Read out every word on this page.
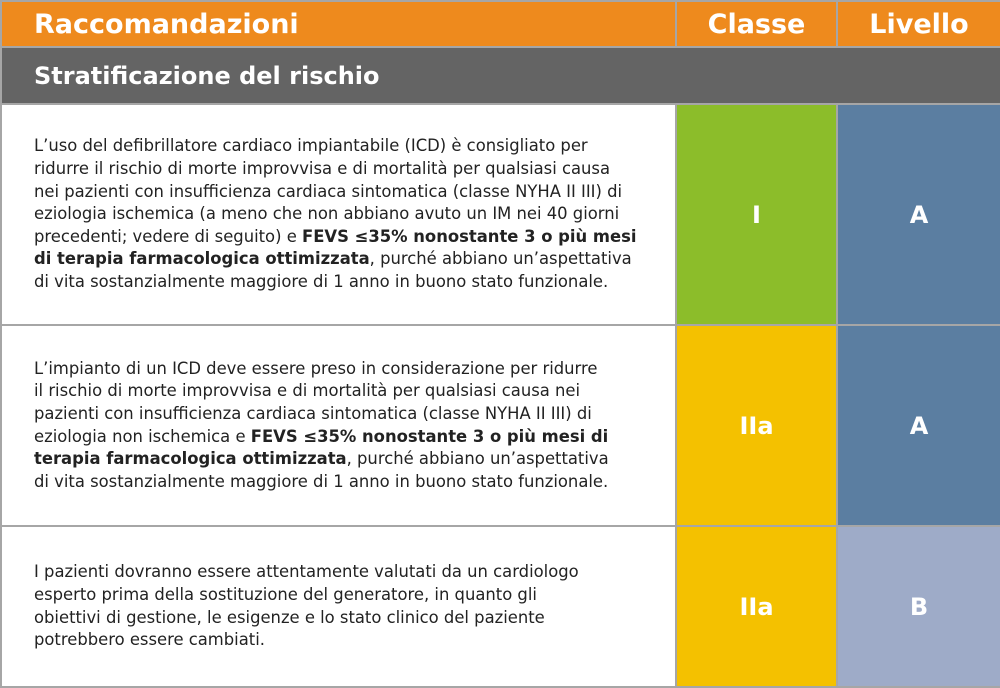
Raccomandazioni	Classe	Livello
Stratificazione del rischio
L’uso del defibrillatore cardiaco impiantabile (ICD) è consigliato per
ridurre il rischio di morte improvvisa e di mortalità per qualsiasi causa
nei pazienti con insufficienza cardiaca sintomatica (classe NYHA II III) di
eziologia ischemica (a meno che non abbiano avuto un IM nei 40 giorni
precedenti; vedere di seguito) e FEVS ≤35% nonostante 3 o più mesi
di terapia farmacologica ottimizzata, purché abbiano un’aspettativa
di vita sostanzialmente maggiore di 1 anno in buono stato funzionale.
I	A
L’impianto di un ICD deve essere preso in considerazione per ridurre
il rischio di morte improvvisa e di mortalità per qualsiasi causa nei
pazienti con insufficienza cardiaca sintomatica (classe NYHA II III) di
eziologia non ischemica e FEVS ≤35% nonostante 3 o più mesi di
terapia farmacologica ottimizzata, purché abbiano un’aspettativa
di vita sostanzialmente maggiore di 1 anno in buono stato funzionale.
IIa	A
I pazienti dovranno essere attentamente valutati da un cardiologo
esperto prima della sostituzione del generatore, in quanto gli
obiettivi di gestione, le esigenze e lo stato clinico del paziente
potrebbero essere cambiati.
IIa	B
